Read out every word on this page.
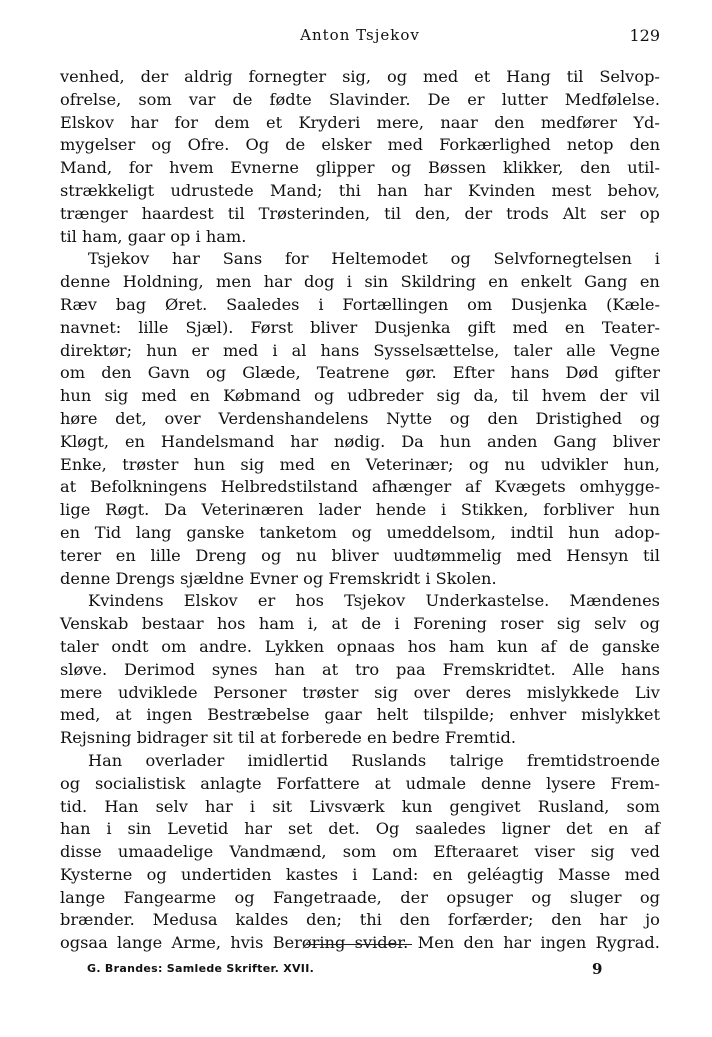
Anton Tsjekov	129
venhed, der aldrig fornegter sig, og med et Hang til Selvop-
ofrelse, som var de fødte Slavinder. De er lutter Medfølelse.
Elskov har for dem et Kryderi mere, naar den medfører Yd-
mygelser og Ofre. Og de elsker med Forkærlighed netop den
Mand, for hvem Evnerne glipper og Bøssen klikker, den util-
strækkeligt udrustede Mand; thi han har Kvinden mest behov,
trænger haardest til Trøsterinden, til den, der trods Alt ser op
til ham, gaar op i ham.
Tsjekov har Sans for Heltemodet og Selvfornegtelsen i
denne Holdning, men har dog i sin Skildring en enkelt Gang en
Ræv bag Øret. Saaledes i Fortællingen om Dusjenka (Kæle-
navnet: lille Sjæl). Først bliver Dusjenka gift med en Teater-
direktør; hun er med i al hans Sysselsættelse, taler alle Vegne
om den Gavn og Glæde, Teatrene gør. Efter hans Død gifter
hun sig med en Købmand og udbreder sig da, til hvem der vil
høre det, over Verdenshandelens Nytte og den Dristighed og
Kløgt, en Handelsmand har nødig. Da hun anden Gang bliver
Enke, trøster hun sig med en Veterinær; og nu udvikler hun,
at Befolkningens Helbredstilstand afhænger af Kvægets omhygge-
lige Røgt. Da Veterinæren lader hende i Stikken, forbliver hun
en Tid lang ganske tanketom og umeddelsom, indtil hun adop-
terer en lille Dreng og nu bliver uudtømmelig med Hensyn til
denne Drengs sjældne Evner og Fremskridt i Skolen.
Kvindens Elskov er hos Tsjekov Underkastelse. Mændenes
Venskab bestaar hos ham i, at de i Forening roser sig selv og
taler ondt om andre. Lykken opnaas hos ham kun af de ganske
sløve. Derimod synes han at tro paa Fremskridtet. Alle hans
mere udviklede Personer trøster sig over deres mislykkede Liv
med, at ingen Bestræbelse gaar helt tilspilde; enhver mislykket
Rejsning bidrager sit til at forberede en bedre Fremtid.
Han overlader imidlertid Ruslands talrige fremtidstroende
og socialistisk anlagte Forfattere at udmale denne lysere Frem-
tid. Han selv har i sit Livsværk kun gengivet Rusland, som
han i sin Levetid har set det. Og saaledes ligner det en af
disse umaadelige Vandmænd, som om Efteraaret viser sig ved
Kysterne og undertiden kastes i Land: en geléagtig Masse med
lange Fangearme og Fangetraade, der opsuger og sluger og
brænder. Medusa kaldes den; thi den forfærder; den har jo
ogsaa lange Arme, hvis Berøring svider. Men den har ingen Rygrad.
G. Brandes: Samlede Skrifter. XVII.	9
